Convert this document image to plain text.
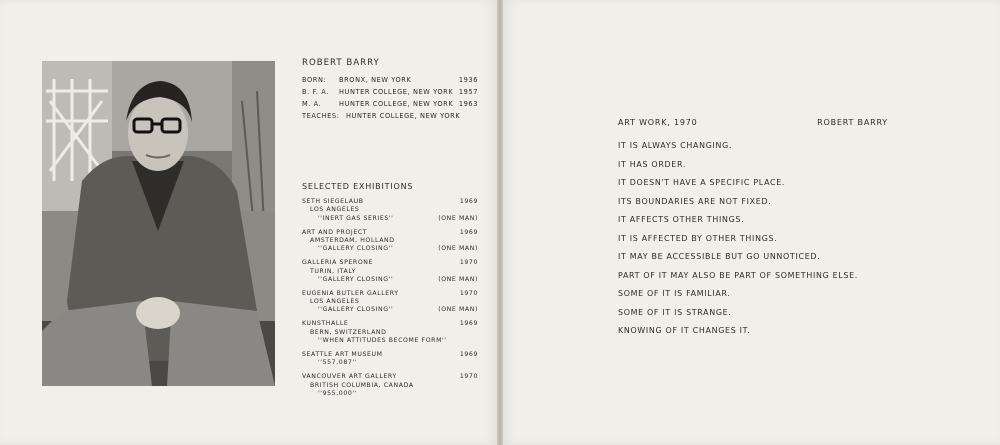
ROBERT BARRY
BORN: BRONX, NEW YORK	1936
B. F. A. HUNTER COLLEGE, NEW YORK 1957
M. A.	HUNTER COLLEGE, NEW YORK 1963
TEACHES: HUNTER COLLEGE, NEW YORK
SELECTED EXHIBITIONS
SETH SIEGELAUB	1969
LOS ANGELES
''INERT GAS SERIES''	(ONE MAN)
ART AND PROJECT	1969
AMSTERDAM, HOLLAND
''GALLERY CLOSING''	(ONE MAN)
GALLERIA SPERONE	1970
TURIN, ITALY
''GALLERY CLOSING''	(ONE MAN)
EUGENIA BUTLER GALLERY	1970
LOS ANGELES
''GALLERY CLOSING''	(ONE MAN)
KUNSTHALLE	1969
BERN, SWITZERLAND
''WHEN ATTITUDES BECOME FORM''
SEATTLE ART MUSEUM	1969
''557,087''
VANCOUVER ART GALLERY	1970
BRITISH COLUMBIA, CANADA
''955,000''
ART WORK, 1970	ROBERT BARRY
IT IS ALWAYS CHANGING.
IT HAS ORDER.
IT DOESN'T HAVE A SPECIFIC PLACE.
ITS BOUNDARIES ARE NOT FIXED.
IT AFFECTS OTHER THINGS.
IT IS AFFECTED BY OTHER THINGS.
IT MAY BE ACCESSIBLE BUT GO UNNOTICED.
PART OF IT MAY ALSO BE PART OF SOMETHING ELSE.
SOME OF IT IS FAMILIAR.
SOME OF IT IS STRANGE.
KNOWING OF IT CHANGES IT.
